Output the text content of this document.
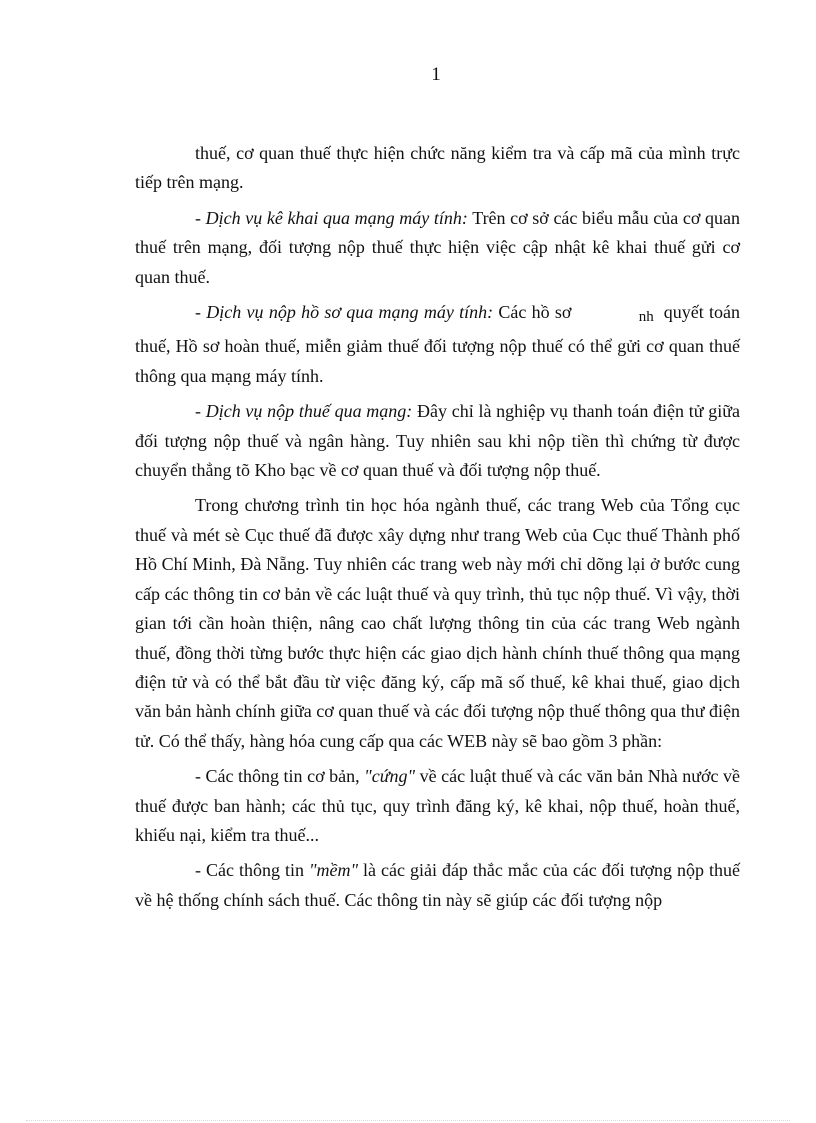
1

thuế, cơ quan thuế thực hiện chức năng kiểm tra và cấp mã của mình trực tiếp trên mạng.

- Dịch vụ kê khai qua mạng máy tính: Trên cơ sở các biểu mẫu của cơ quan thuế trên mạng, đối tượng nộp thuế thực hiện việc cập nhật kê khai thuế gửi cơ quan thuế.

- Dịch vụ nộp hồ sơ qua mạng máy tính: Các hồ sơ	nh quyết toán thuế, Hồ sơ hoàn thuế, miễn giảm thuế đối tượng nộp thuế có thể gửi cơ quan thuế thông qua mạng máy tính.

- Dịch vụ nộp thuế qua mạng: Đây chỉ là nghiệp vụ thanh toán điện tử giữa đối tượng nộp thuế và ngân hàng. Tuy nhiên sau khi nộp tiền thì chứng từ được chuyển thẳng tõ Kho bạc về cơ quan thuế và đối tượng nộp thuế.

Trong chương trình tin học hóa ngành thuế, các trang Web của Tổng cục thuế và mét sè Cục thuế đã được xây dựng như trang Web của Cục thuế Thành phố Hồ Chí Minh, Đà Nẵng. Tuy nhiên các trang web này mới chỉ dõng lại ở bước cung cấp các thông tin cơ bản về các luật thuế và quy trình, thủ tục nộp thuế. Vì vậy, thời gian tới cần hoàn thiện, nâng cao chất lượng thông tin của các trang Web ngành thuế, đồng thời từng bước thực hiện các giao dịch hành chính thuế thông qua mạng điện tử và có thể bắt đầu từ việc đăng ký, cấp mã số thuế, kê khai thuế, giao dịch văn bản hành chính giữa cơ quan thuế và các đối tượng nộp thuế thông qua thư điện tử. Có thể thấy, hàng hóa cung cấp qua các WEB này sẽ bao gồm 3 phần:

- Các thông tin cơ bản, "cứng" về các luật thuế và các văn bản Nhà nước về thuế được ban hành; các thủ tục, quy trình đăng ký, kê khai, nộp thuế, hoàn thuế, khiếu nại, kiểm tra thuế...

- Các thông tin "mềm" là các giải đáp thắc mắc của các đối tượng nộp thuế về hệ thống chính sách thuế. Các thông tin này sẽ giúp các đối tượng nộp
